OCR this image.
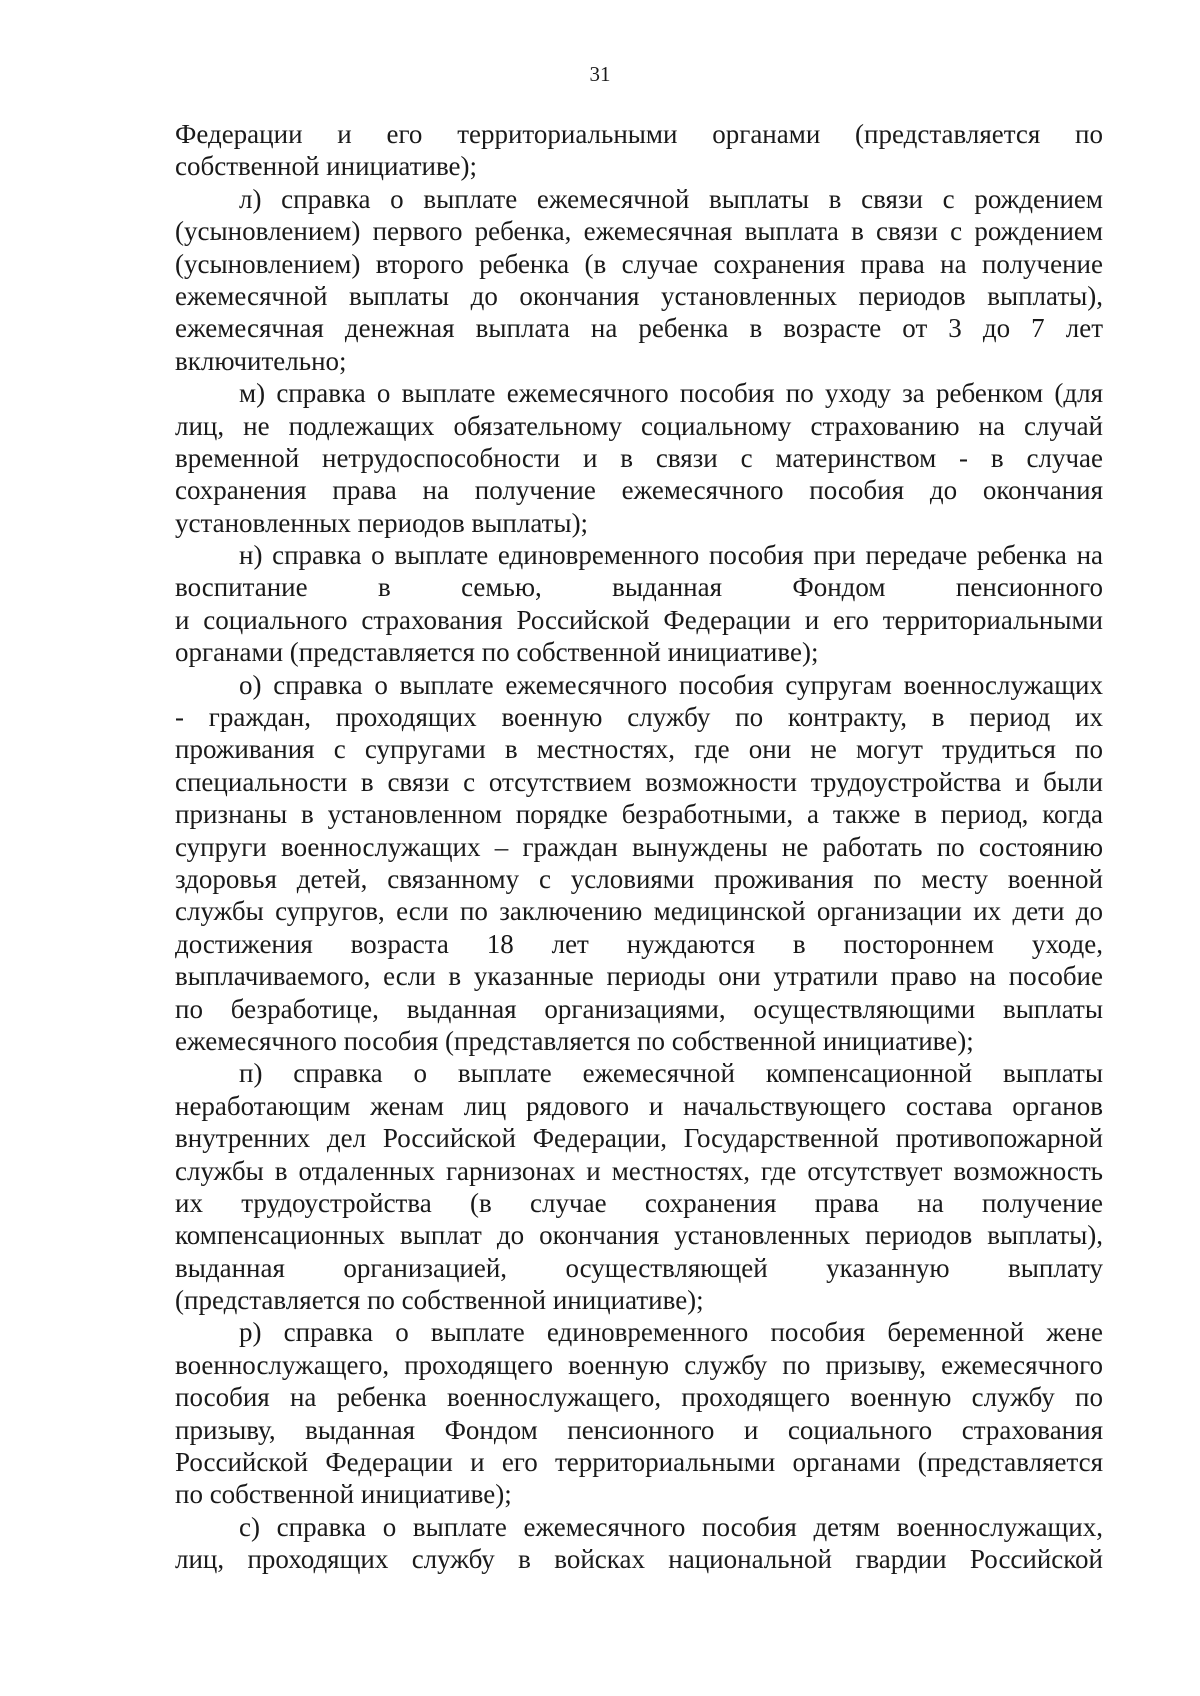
31
Федерации и его территориальными органами (представляется по
собственной инициативе);
л) справка о выплате ежемесячной выплаты в связи с рождением
(усыновлением) первого ребенка, ежемесячная выплата в связи с рождением
(усыновлением) второго ребенка (в случае сохранения права на получение
ежемесячной выплаты до окончания установленных периодов выплаты),
ежемесячная денежная выплата на ребенка в возрасте от 3 до 7 лет
включительно;
м) справка о выплате ежемесячного пособия по уходу за ребенком (для
лиц, не подлежащих обязательному социальному страхованию на случай
временной нетрудоспособности и в связи с материнством - в случае
сохранения права на получение ежемесячного пособия до окончания
установленных периодов выплаты);
н) справка о выплате единовременного пособия при передаче ребенка на
воспитание в семью, выданная Фондом пенсионного
и социального страхования Российской Федерации и его территориальными
органами (представляется по собственной инициативе);
о) справка о выплате ежемесячного пособия супругам военнослужащих
- граждан, проходящих военную службу по контракту, в период их
проживания с супругами в местностях, где они не могут трудиться по
специальности в связи с отсутствием возможности трудоустройства и были
признаны в установленном порядке безработными, а также в период, когда
супруги военнослужащих – граждан вынуждены не работать по состоянию
здоровья детей, связанному с условиями проживания по месту военной
службы супругов, если по заключению медицинской организации их дети до
достижения возраста 18 лет нуждаются в постороннем уходе,
выплачиваемого, если в указанные периоды они утратили право на пособие
по безработице, выданная организациями, осуществляющими выплаты
ежемесячного пособия (представляется по собственной инициативе);
п) справка о выплате ежемесячной компенсационной выплаты
неработающим женам лиц рядового и начальствующего состава органов
внутренних дел Российской Федерации, Государственной противопожарной
службы в отдаленных гарнизонах и местностях, где отсутствует возможность
их трудоустройства (в случае сохранения права на получение
компенсационных выплат до окончания установленных периодов выплаты),
выданная организацией, осуществляющей указанную выплату
(представляется по собственной инициативе);
р) справка о выплате единовременного пособия беременной жене
военнослужащего, проходящего военную службу по призыву, ежемесячного
пособия на ребенка военнослужащего, проходящего военную службу по
призыву, выданная Фондом пенсионного и социального страхования
Российской Федерации и его территориальными органами (представляется
по собственной инициативе);
с) справка о выплате ежемесячного пособия детям военнослужащих,
лиц, проходящих службу в войсках национальной гвардии Российской
